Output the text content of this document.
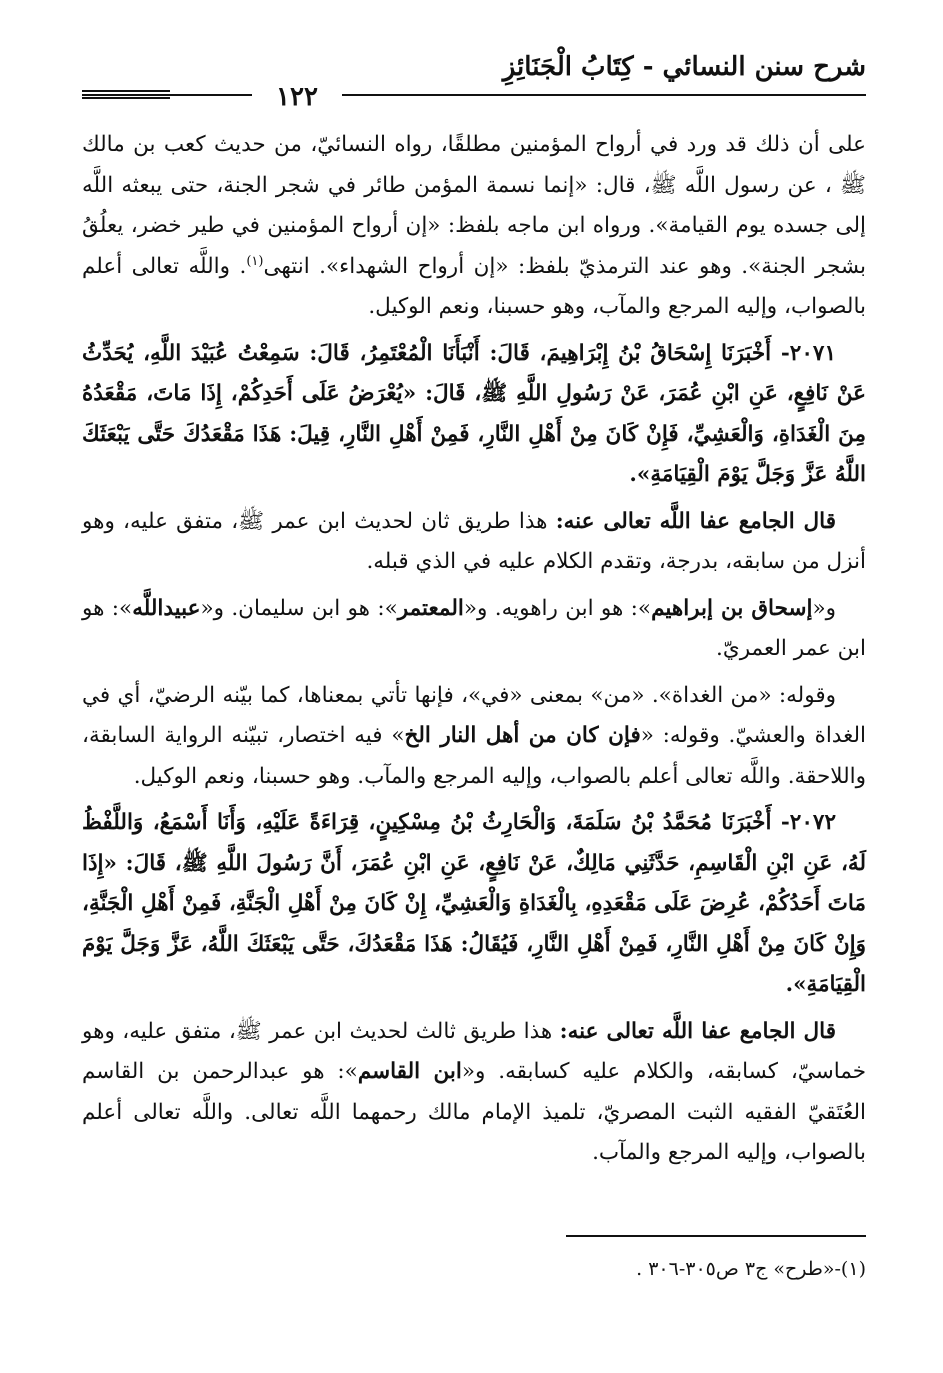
شرح سنن النسائي - كِتَابُ الْجَنَائِزِ
١٢٢

على أن ذلك قد ورد في أرواح المؤمنين مطلقًا، رواه النسائيّ، من حديث كعب بن مالك ﷺ ، عن رسول اللَّه ﷺ، قال: «إنما نسمة المؤمن طائر في شجر الجنة، حتى يبعثه اللَّه إلى جسده يوم القيامة». ورواه ابن ماجه بلفظ: «إن أرواح المؤمنين في طير خضر، يعلُقُ بشجر الجنة». وهو عند الترمذيّ بلفظ: «إن أرواح الشهداء». انتهى$^{(١)}$. واللَّه تعالى أعلم بالصواب، وإليه المرجع والمآب، وهو حسبنا، ونعم الوكيل.

٢٠٧١- أَخْبَرَنَا إِسْحَاقُ بْنُ إِبْرَاهِيمَ، قَالَ: أَنْبَأَنَا الْمُعْتَمِرُ، قَالَ: سَمِعْتُ عُبَيْدَ اللَّهِ، يُحَدِّثُ عَنْ نَافِعٍ، عَنِ ابْنِ عُمَرَ، عَنْ رَسُولِ اللَّهِ ﷺ، قَالَ: «يُعْرَضُ عَلَى أَحَدِكُمْ، إِذَا مَاتَ، مَقْعَدُهُ مِنَ الْغَدَاةِ، وَالْعَشِيِّ، فَإِنْ كَانَ مِنْ أَهْلِ النَّارِ، فَمِنْ أَهْلِ النَّارِ، قِيلَ: هَذَا مَقْعَدُكَ حَتَّى يَبْعَثَكَ اللَّهُ عَزَّ وَجَلَّ يَوْمَ الْقِيَامَةِ».

قال الجامع عفا اللَّه تعالى عنه: هذا طريق ثان لحديث ابن عمر ﷺ، متفق عليه، وهو أنزل من سابقه، بدرجة، وتقدم الكلام عليه في الذي قبله.

و«إسحاق بن إبراهيم»: هو ابن راهويه. و«المعتمر»: هو ابن سليمان. و«عبيداللَّه»: هو ابن عمر العمريّ.

وقوله: «من الغداة». «من» بمعنى «في»، فإنها تأتي بمعناها، كما بيّنه الرضيّ، أي في الغداة والعشيّ. وقوله: «فإن كان من أهل النار الخ» فيه اختصار، تبيّنه الرواية السابقة، واللاحقة. واللَّه تعالى أعلم بالصواب، وإليه المرجع والمآب. وهو حسبنا، ونعم الوكيل.

٢٠٧٢- أَخْبَرَنَا مُحَمَّدُ بْنُ سَلَمَةَ، وَالْحَارِثُ بْنُ مِسْكِينٍ، قِرَاءَةً عَلَيْهِ، وَأَنَا أَسْمَعُ، وَاللَّفْظُ لَهُ، عَنِ ابْنِ الْقَاسِمِ، حَدَّثَنِي مَالِكٌ، عَنْ نَافِعٍ، عَنِ ابْنِ عُمَرَ، أَنَّ رَسُولَ اللَّهِ ﷺ، قَالَ: «إِذَا مَاتَ أَحَدُكُمْ، عُرِضَ عَلَى مَقْعَدِهِ، بِالْغَدَاةِ وَالْعَشِيِّ، إِنْ كَانَ مِنْ أَهْلِ الْجَنَّةِ، فَمِنْ أَهْلِ الْجَنَّةِ، وَإِنْ كَانَ مِنْ أَهْلِ النَّارِ، فَمِنْ أَهْلِ النَّارِ، فَيُقَالُ: هَذَا مَقْعَدُكَ، حَتَّى يَبْعَثَكَ اللَّهُ، عَزَّ وَجَلَّ يَوْمَ الْقِيَامَةِ».

قال الجامع عفا اللَّه تعالى عنه: هذا طريق ثالث لحديث ابن عمر ﷺ، متفق عليه، وهو خماسيّ، كسابقه، والكلام عليه كسابقه. و«ابن القاسم»: هو عبدالرحمن بن القاسم العُتَقيّ الفقيه الثبت المصريّ، تلميذ الإمام مالك رحمهما اللَّه تعالى. واللَّه تعالى أعلم بالصواب، وإليه المرجع والمآب.

(١)-«طرح» ج٣ ص٣٠٥-٣٠٦ .
